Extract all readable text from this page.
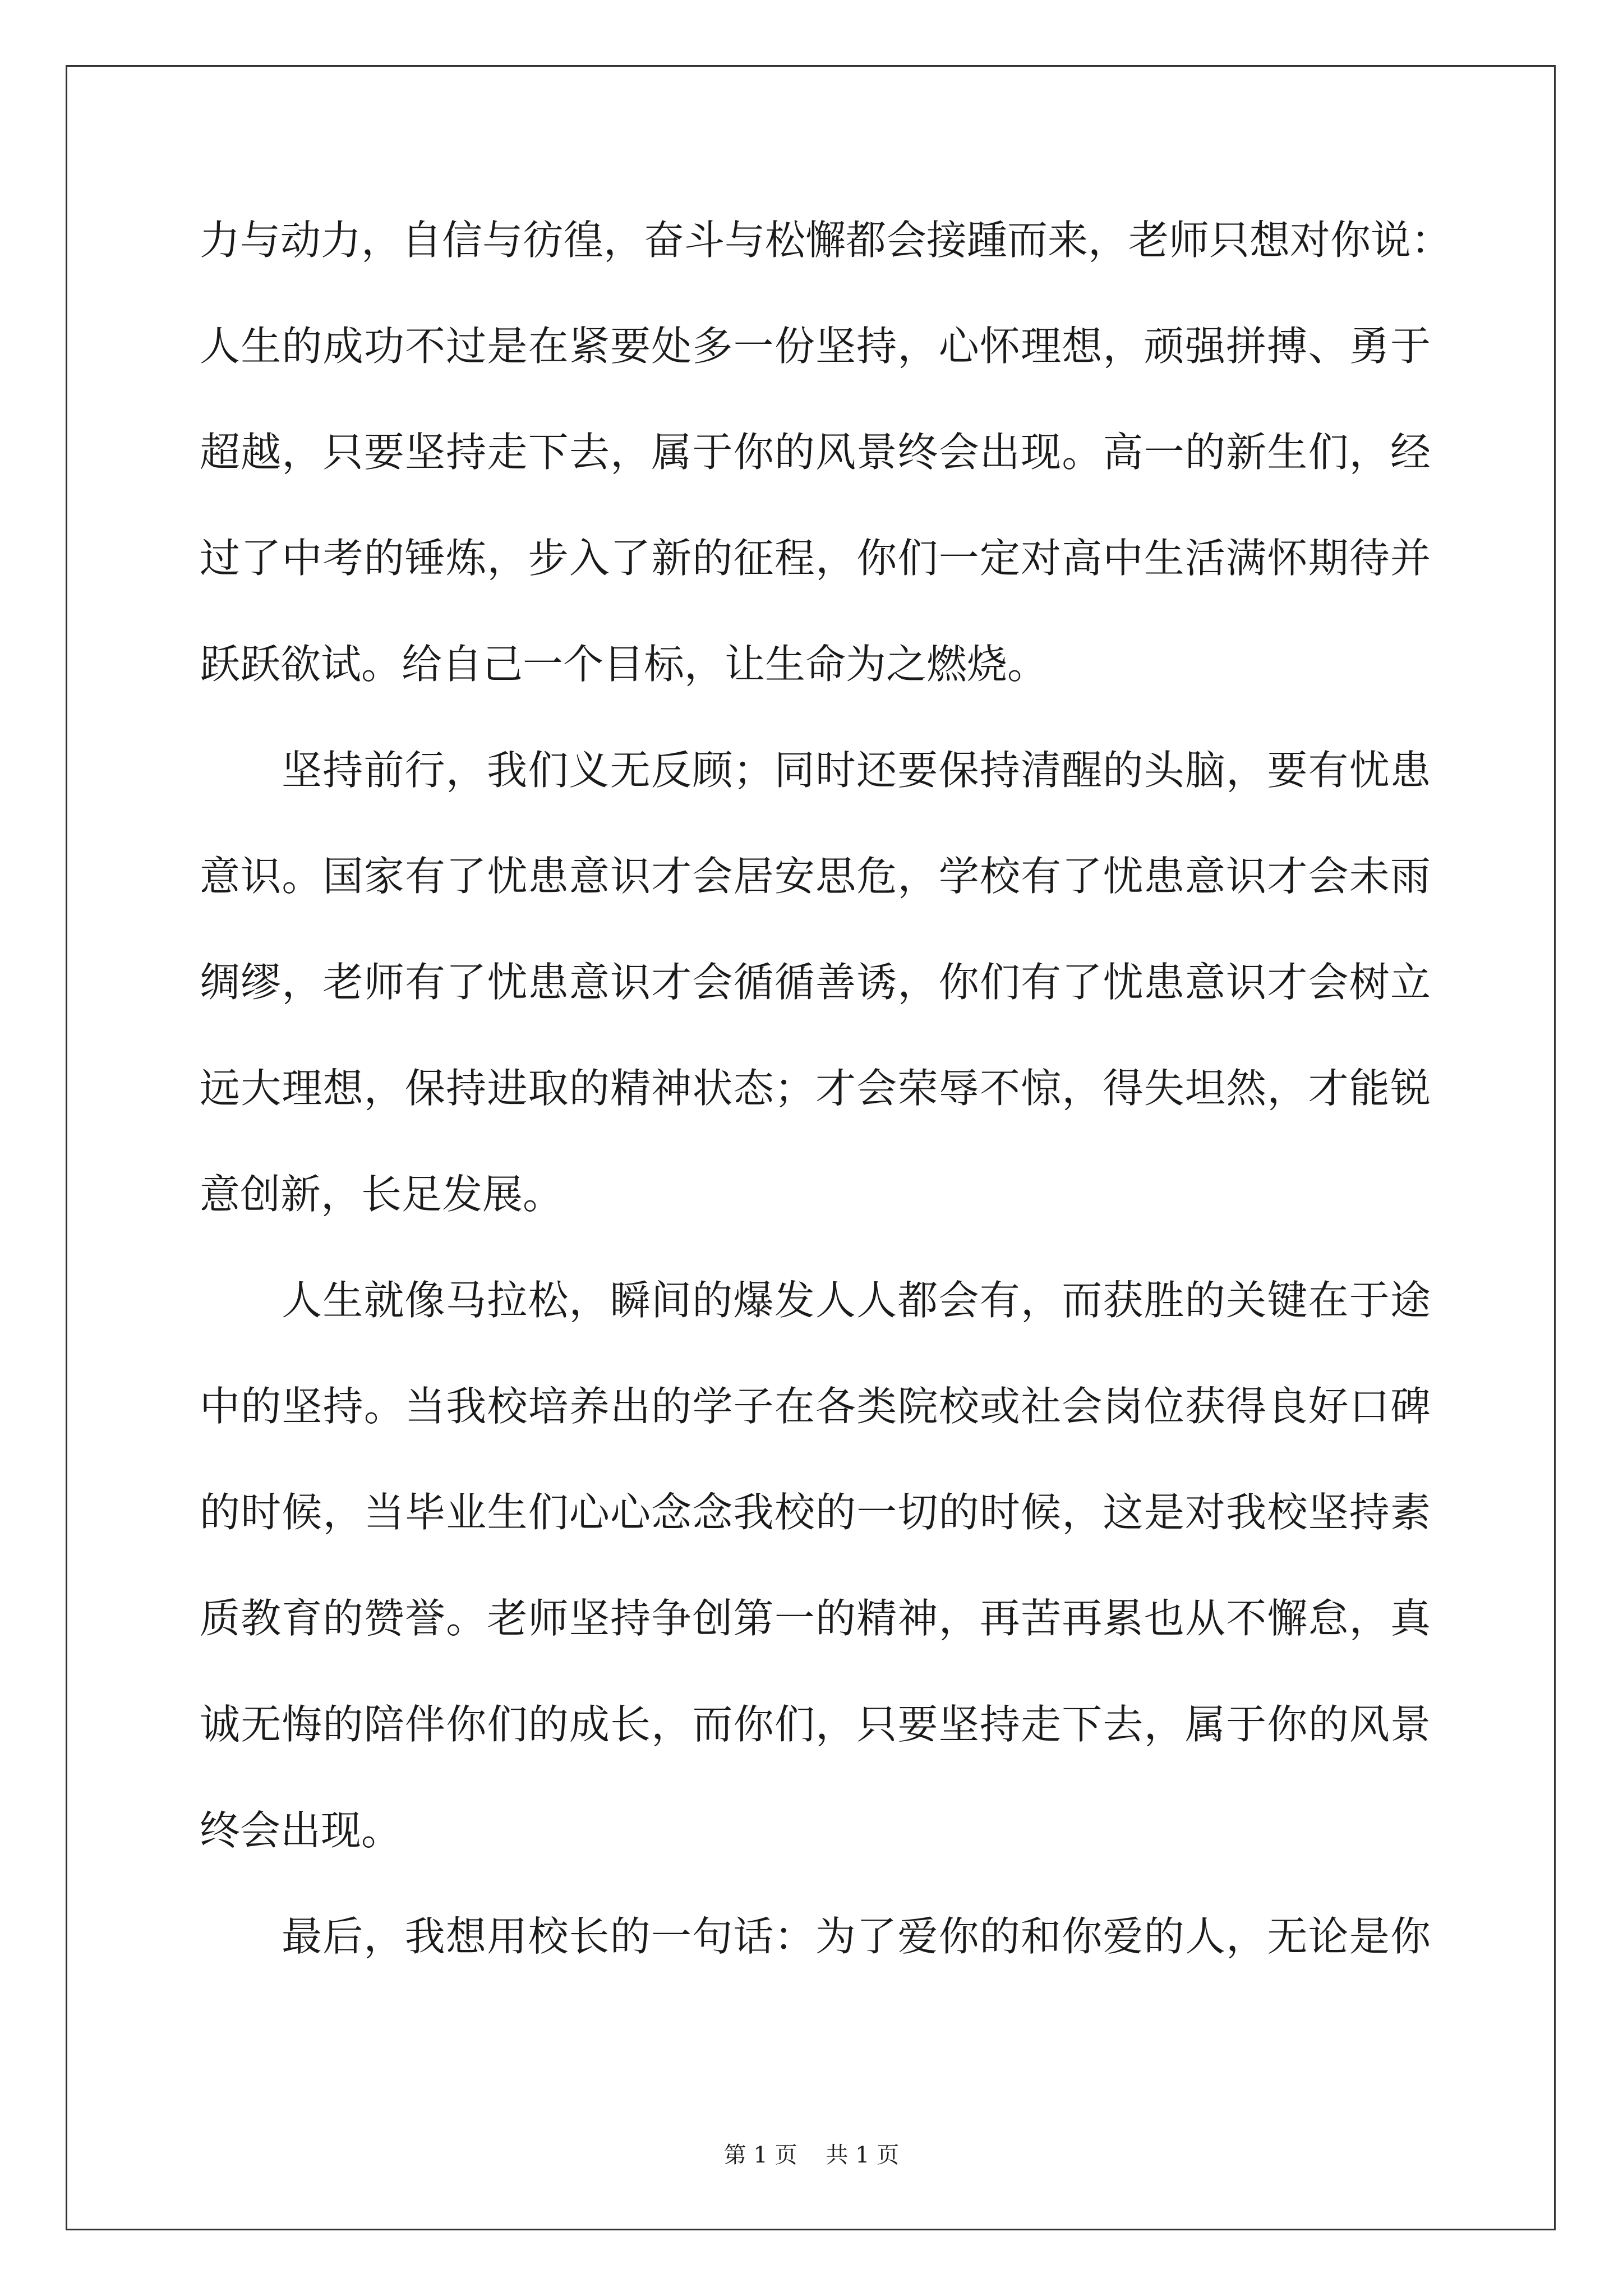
力与动力，自信与彷徨，奋斗与松懈都会接踵而来，老师只想对你说：
人生的成功不过是在紧要处多一份坚持，心怀理想，顽强拼搏、勇于
超越，只要坚持走下去，属于你的风景终会出现。高一的新生们，经
过了中考的锤炼，步入了新的征程，你们一定对高中生活满怀期待并
跃跃欲试。给自己一个目标，让生命为之燃烧。
坚持前行，我们义无反顾；同时还要保持清醒的头脑，要有忧患
意识。国家有了忧患意识才会居安思危，学校有了忧患意识才会未雨
绸缪，老师有了忧患意识才会循循善诱，你们有了忧患意识才会树立
远大理想，保持进取的精神状态；才会荣辱不惊，得失坦然，才能锐
意创新，长足发展。
人生就像马拉松，瞬间的爆发人人都会有，而获胜的关键在于途
中的坚持。当我校培养出的学子在各类院校或社会岗位获得良好口碑
的时候，当毕业生们心心念念我校的一切的时候，这是对我校坚持素
质教育的赞誉。老师坚持争创第一的精神，再苦再累也从不懈怠，真
诚无悔的陪伴你们的成长，而你们，只要坚持走下去，属于你的风景
终会出现。
最后，我想用校长的一句话：为了爱你的和你爱的人，无论是你
第 1 页    共 1 页
